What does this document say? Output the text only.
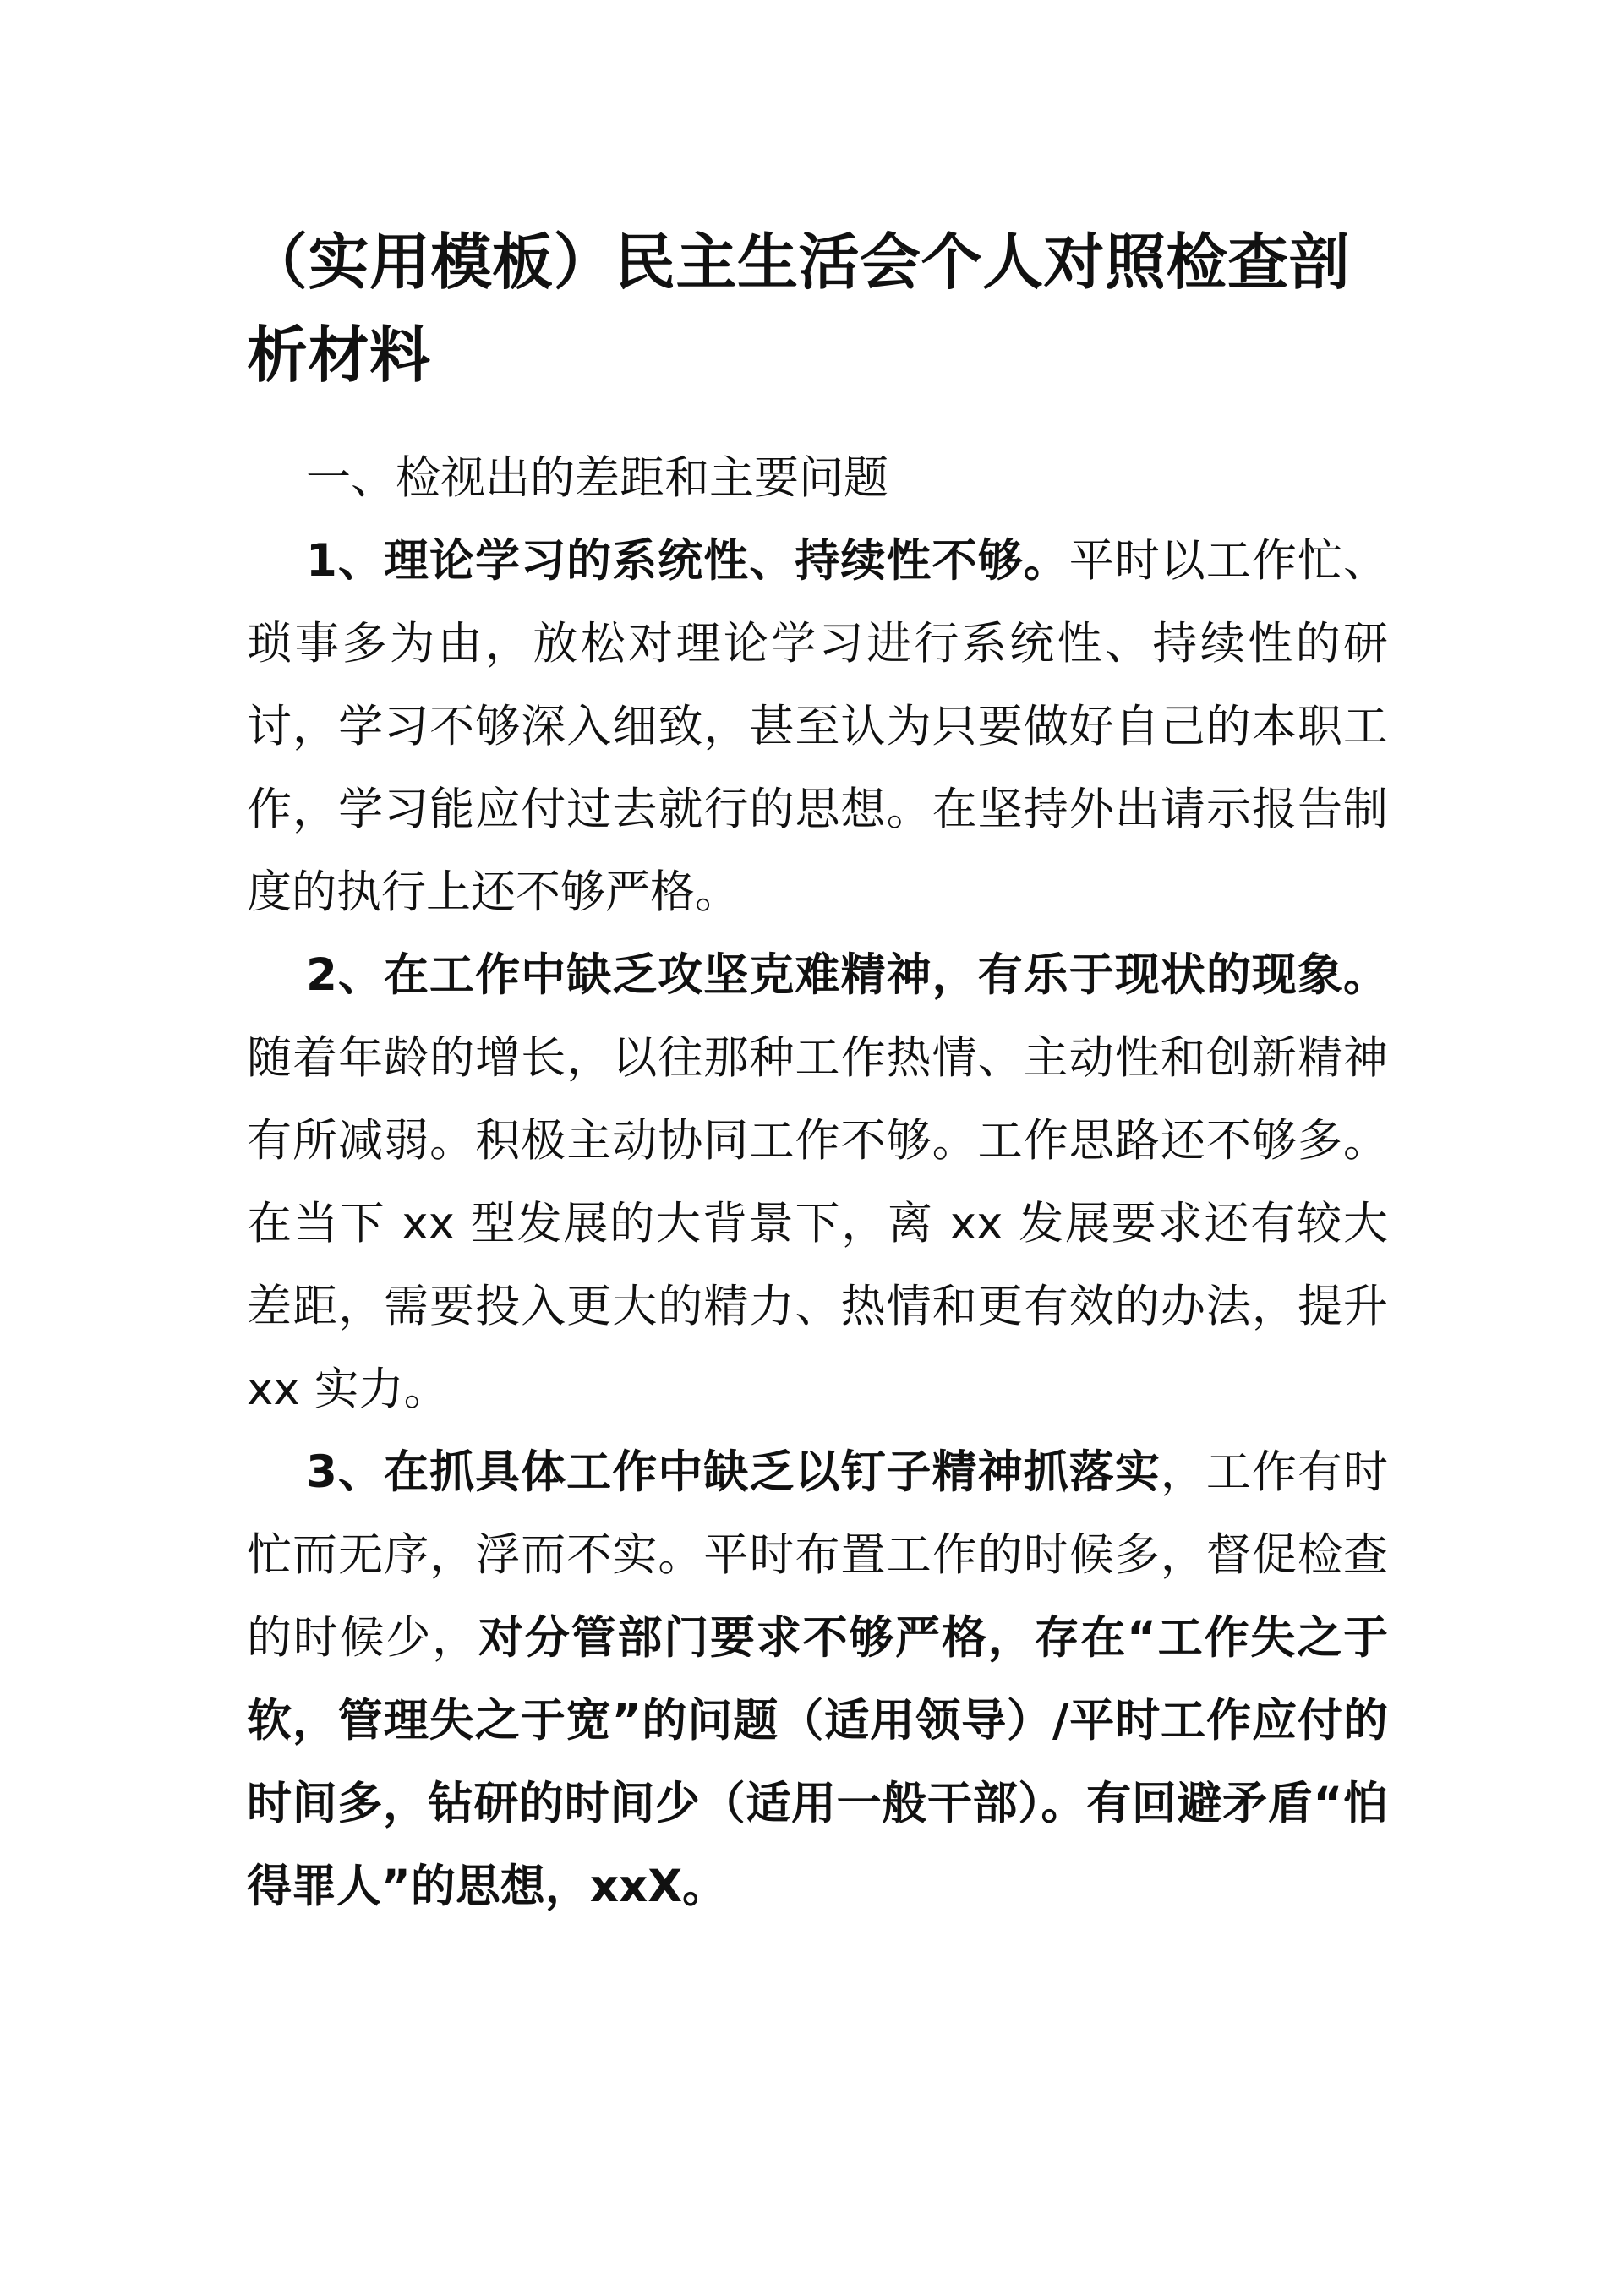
（实用模板）民主生活会个人对照检查剖析材料

一、检视出的差距和主要问题

1、理论学习的系统性、持续性不够。平时以工作忙、琐事多为由，放松对理论学习进行系统性、持续性的研讨，学习不够深入细致，甚至认为只要做好自己的本职工作，学习能应付过去就行的思想。在坚持外出请示报告制度的执行上还不够严格。

2、在工作中缺乏攻坚克难精神，有乐于现状的现象。随着年龄的增长，以往那种工作热情、主动性和创新精神有所减弱。积极主动协同工作不够。工作思路还不够多。在当下 xx 型发展的大背景下，离 xx 发展要求还有较大差距，需要投入更大的精力、热情和更有效的办法，提升 xx 实力。

3、在抓具体工作中缺乏以钉子精神抓落实，工作有时忙而无序，浮而不实。平时布置工作的时候多，督促检查的时候少，对分管部门要求不够严格，存在“工作失之于软，管理失之于宽”的问题（适用领导）/平时工作应付的时间多，钻研的时间少（适用一般干部）。有回避矛盾“怕得罪人”的思想，xxX。
